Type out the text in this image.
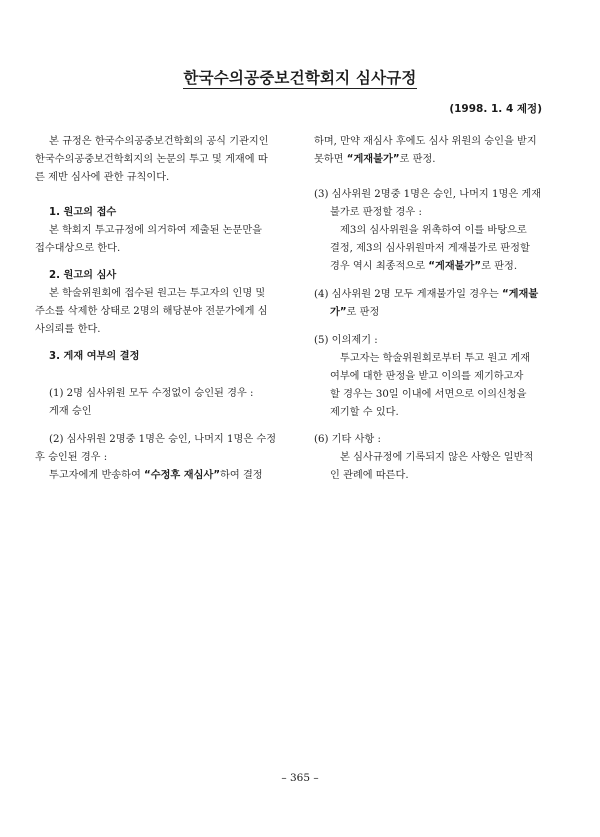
한국수의공중보건학회지 심사규정
(1998. 1. 4 제정)

본 규정은 한국수의공중보건학회의 공식 기관지인

한국수의공중보건학회지의 논문의 투고 및 게재에 따

른 제반 심사에 관한 규칙이다.

1. 원고의 접수

본 학회지 투고규정에 의거하여 제출된 논문만을

접수대상으로 한다.

2. 원고의 심사

본 학술위원회에 접수된 원고는 투고자의 인명 및

주소를 삭제한 상태로 2명의 해당분야 전문가에게 심

사의뢰를 한다.

3. 게재 여부의 결정

(1) 2명 심사위원 모두 수정없이 승인된 경우 :

게재 승인

(2) 심사위원 2명중 1명은 승인, 나머지 1명은 수정

후 승인된 경우 :

투고자에게 반송하여 “수정후 재심사”하여 결정

하며, 만약 재심사 후에도 심사 위원의 승인을 받지

못하면 “게재불가”로 판정.

(3) 심사위원 2명중 1명은 승인, 나머지 1명은 게재

불가로 판정할 경우 :

제3의 심사위원을 위촉하여 이를 바탕으로

결정, 제3의 심사위원마저 게재불가로 판정할

경우 역시 최종적으로 “게재불가”로 판정.

(4) 심사위원 2명 모두 게재불가일 경우는 “게재불

가”로 판정

(5) 이의제기 :

투고자는 학술위원회로부터 투고 원고 게재

여부에 대한 판정을 받고 이의를 제기하고자

할 경우는 30일 이내에 서면으로 이의신청을

제기할 수 있다.

(6) 기타 사항 :

본 심사규정에 기록되지 않은 사항은 일반적

인 관례에 따른다.

– 365 –
